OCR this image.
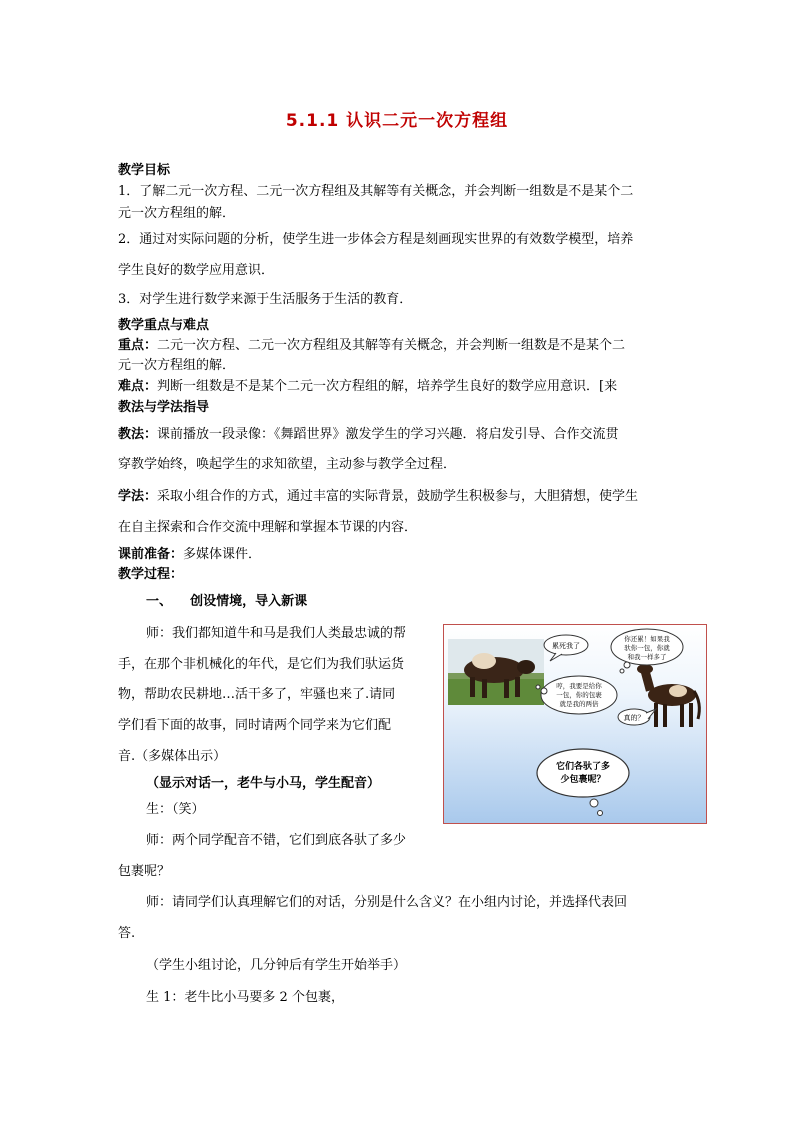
5.1.1 认识二元一次方程组
教学目标
1．了解二元一次方程、二元一次方程组及其解等有关概念，并会判断一组数是不是某个二
元一次方程组的解．
2．通过对实际问题的分析，使学生进一步体会方程是刻画现实世界的有效数学模型，培养
学生良好的数学应用意识．
3．对学生进行数学来源于生活服务于生活的教育．
教学重点与难点
重点：二元一次方程、二元一次方程组及其解等有关概念，并会判断一组数是不是某个二
元一次方程组的解．
难点：判断一组数是不是某个二元一次方程组的解，培养学生良好的数学应用意识．[来
教法与学法指导
教法：课前播放一段录像：《舞蹈世界》激发学生的学习兴趣．将启发引导、合作交流贯
穿教学始终，唤起学生的求知欲望，主动参与教学全过程．
学法：采取小组合作的方式，通过丰富的实际背景，鼓励学生积极参与，大胆猜想，使学生
在自主探索和合作交流中理解和掌握本节课的内容．
课前准备：多媒体课件．
教学过程：
一、    创设情境，导入新课
师：我们都知道牛和马是我们人类最忠诚的帮
手，在那个非机械化的年代，是它们为我们驮运货
物，帮助农民耕地…活干多了，牢骚也来了.请同
学们看下面的故事，同时请两个同学来为它们配
音.（多媒体出示）
（显示对话一，老牛与小马，学生配音）
生：（笑）
师：两个同学配音不错，它们到底各驮了多少
包裹呢？
师：请同学们认真理解它们的对话，分别是什么含义？在小组内讨论，并选择代表回
答.
（学生小组讨论，几分钟后有学生开始举手）
生 1：老牛比小马要多 2 个包裹，
累死我了
你还累！如果我
驮你一包，你就
和我一样多了
哼，我要是给你
一包，你的包裹
就是我的两倍
真的？
它们各驮了多
少包裹呢？
